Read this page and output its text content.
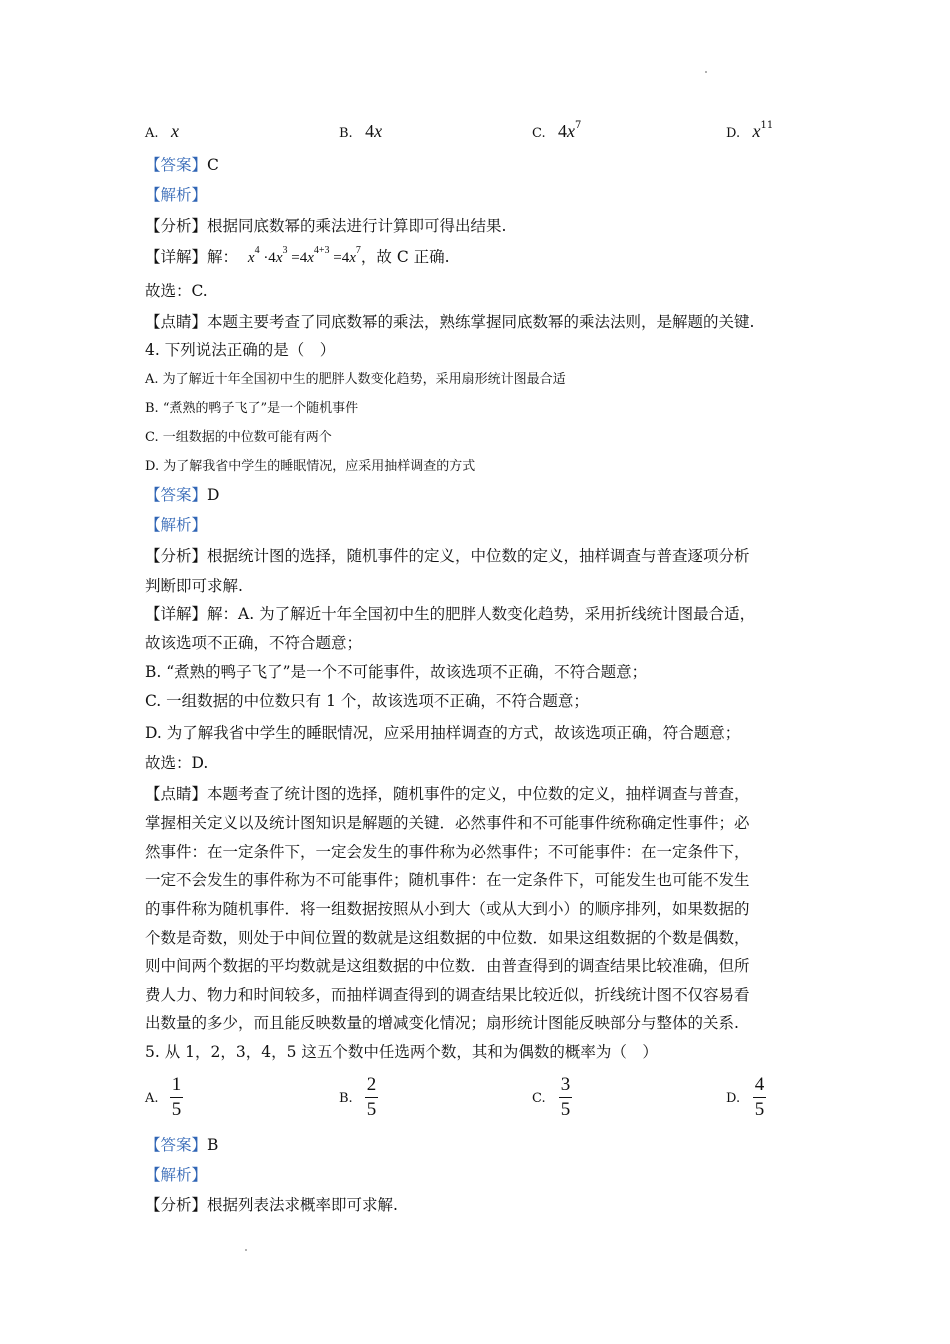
A. x	B. 4x	C. $4x^7$
D. $x^{11}$
【答案】C
【解析】
【分析】根据同底数幂的乘法进行计算即可得出结果.
【详解】解： $x^4 \cdot 4x^3 =4x^{4+3} =4x^7$，故 C 正确.
故选：C.
【点睛】本题主要考查了同底数幂的乘法，熟练掌握同底数幂的乘法法则，是解题的关键.
4. 下列说法正确的是（　）
A. 为了解近十年全国初中生的肥胖人数变化趋势，采用扇形统计图最合适
B. “煮熟的鸭子飞了”是一个随机事件
C. 一组数据的中位数可能有两个
D. 为了解我省中学生的睡眠情况，应采用抽样调查的方式
【答案】D
【解析】
【分析】根据统计图的选择，随机事件的定义，中位数的定义，抽样调查与普查逐项分析
判断即可求解.
【详解】解：A. 为了解近十年全国初中生的肥胖人数变化趋势，采用折线统计图最合适，
故该选项不正确，不符合题意；
B. “煮熟的鸭子飞了”是一个不可能事件，故该选项不正确，不符合题意；
C. 一组数据的中位数只有 1 个，故该选项不正确，不符合题意；
D. 为了解我省中学生的睡眠情况，应采用抽样调查的方式，故该选项正确，符合题意；
故选：D.
【点睛】本题考查了统计图的选择，随机事件的定义，中位数的定义，抽样调查与普查，
掌握相关定义以及统计图知识是解题的关键．必然事件和不可能事件统称确定性事件；必
然事件：在一定条件下，一定会发生的事件称为必然事件；不可能事件：在一定条件下，
一定不会发生的事件称为不可能事件；随机事件：在一定条件下，可能发生也可能不发生
的事件称为随机事件．将一组数据按照从小到大（或从大到小）的顺序排列，如果数据的
个数是奇数，则处于中间位置的数就是这组数据的中位数．如果这组数据的个数是偶数，
则中间两个数据的平均数就是这组数据的中位数．由普查得到的调查结果比较准确，但所
费人力、物力和时间较多，而抽样调查得到的调查结果比较近似，折线统计图不仅容易看
出数量的多少，而且能反映数量的增减变化情况；扇形统计图能反映部分与整体的关系.
5. 从 1，2，3，4，5 这五个数中任选两个数，其和为偶数的概率为（　）
A.
1
5
B.
2
5
C.
3
5
D.
4
5
【答案】B
【解析】
【分析】根据列表法求概率即可求解.
